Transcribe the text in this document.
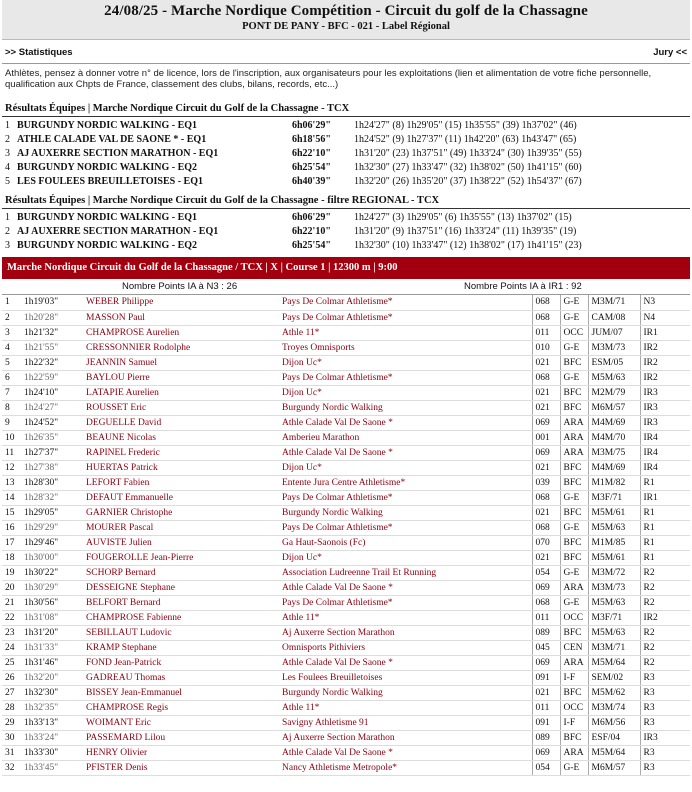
24/08/25 - Marche Nordique Compétition - Circuit du golf de la Chassagne
PONT DE PANY - BFC - 021 - Label Régional
>> Statistiques	Jury <<
Athlètes, pensez à donner votre n° de licence, lors de l'inscription, aux organisateurs pour les exploitations (lien et alimentation de votre fiche personnelle, qualification aux Chpts de France, classement des clubs, bilans, records, etc...)
Résultats Équipes | Marche Nordique Circuit du Golf de la Chassagne - TCX
1 BURGUNDY NORDIC WALKING - EQ1	6h06'29" 1h24'27" (8) 1h29'05" (15) 1h35'55" (39) 1h37'02" (46)
2 ATHLE CALADE VAL DE SAONE * - EQ1	6h18'56" 1h24'52" (9) 1h27'37" (11) 1h42'20" (63) 1h43'47" (65)
3 AJ AUXERRE SECTION MARATHON - EQ1	6h22'10" 1h31'20" (23) 1h37'51" (49) 1h33'24" (30) 1h39'35" (55)
4 BURGUNDY NORDIC WALKING - EQ2	6h25'54" 1h32'30" (27) 1h33'47" (32) 1h38'02" (50) 1h41'15" (60)
5 LES FOULEES BREUILLETOISES - EQ1	6h40'39" 1h32'20" (26) 1h35'20" (37) 1h38'22" (52) 1h54'37" (67)
Résultats Équipes | Marche Nordique Circuit du Golf de la Chassagne - filtre REGIONAL - TCX
1 BURGUNDY NORDIC WALKING - EQ1	6h06'29" 1h24'27" (3) 1h29'05" (6) 1h35'55" (13) 1h37'02" (15)
2 AJ AUXERRE SECTION MARATHON - EQ1	6h22'10" 1h31'20" (9) 1h37'51" (16) 1h33'24" (11) 1h39'35" (19)
3 BURGUNDY NORDIC WALKING - EQ2	6h25'54" 1h32'30" (10) 1h33'47" (12) 1h38'02" (17) 1h41'15" (23)
Marche Nordique Circuit du Golf de la Chassagne / TCX | X | Course 1 | 12300 m | 9:00
Nombre Points IA à N3 : 26	Nombre Points IA à IR1 : 92
1	1h19'03"	WEBER Philippe	Pays De Colmar Athletisme*	068	G-E	M3M/71	N3
2	1h20'28"	MASSON Paul	Pays De Colmar Athletisme*	068	G-E	CAM/08	N4
3	1h21'32"	CHAMPROSE Aurelien	Athle 11*	011	OCC	JUM/07	IR1
4	1h21'55"	CRESSONNIER Rodolphe	Troyes Omnisports	010	G-E	M3M/73	IR2
5	1h22'32"	JEANNIN Samuel	Dijon Uc*	021	BFC	ESM/05	IR2
6	1h22'59"	BAYLOU Pierre	Pays De Colmar Athletisme*	068	G-E	M5M/63	IR2
7	1h24'10"	LATAPIE Aurelien	Dijon Uc*	021	BFC	M2M/79	IR3
8	1h24'27"	ROUSSET Eric	Burgundy Nordic Walking	021	BFC	M6M/57	IR3
9	1h24'52"	DEGUELLE David	Athle Calade Val De Saone *	069	ARA	M4M/69	IR3
10	1h26'35"	BEAUNE Nicolas	Amberieu Marathon	001	ARA	M4M/70	IR4
11	1h27'37"	RAPINEL Frederic	Athle Calade Val De Saone *	069	ARA	M3M/75	IR4
12	1h27'38"	HUERTAS Patrick	Dijon Uc*	021	BFC	M4M/69	IR4
13	1h28'30"	LEFORT Fabien	Entente Jura Centre Athletisme*	039	BFC	M1M/82	R1
14	1h28'32"	DEFAUT Emmanuelle	Pays De Colmar Athletisme*	068	G-E	M3F/71	IR1
15	1h29'05"	GARNIER Christophe	Burgundy Nordic Walking	021	BFC	M5M/61	R1
16	1h29'29"	MOURER Pascal	Pays De Colmar Athletisme*	068	G-E	M5M/63	R1
17	1h29'46"	AUVISTE Julien	Ga Haut-Saonois (Fc)	070	BFC	M1M/85	R1
18	1h30'00"	FOUGEROLLE Jean-Pierre	Dijon Uc*	021	BFC	M5M/61	R1
19	1h30'22"	SCHORP Bernard	Association Ludreenne Trail Et Running	054	G-E	M3M/72	R2
20	1h30'29"	DESSEIGNE Stephane	Athle Calade Val De Saone *	069	ARA	M3M/73	R2
21	1h30'56"	BELFORT Bernard	Pays De Colmar Athletisme*	068	G-E	M5M/63	R2
22	1h31'08"	CHAMPROSE Fabienne	Athle 11*	011	OCC	M3F/71	IR2
23	1h31'20"	SEBILLAUT Ludovic	Aj Auxerre Section Marathon	089	BFC	M5M/63	R2
24	1h31'33"	KRAMP Stephane	Omnisports Pithiviers	045	CEN	M3M/71	R2
25	1h31'46"	FOND Jean-Patrick	Athle Calade Val De Saone *	069	ARA	M5M/64	R2
26	1h32'20"	GADREAU Thomas	Les Foulees Breuilletoises	091	I-F	SEM/02	R3
27	1h32'30"	BISSEY Jean-Emmanuel	Burgundy Nordic Walking	021	BFC	M5M/62	R3
28	1h32'35"	CHAMPROSE Regis	Athle 11*	011	OCC	M3M/74	R3
29	1h33'13"	WOIMANT Eric	Savigny Athletisme 91	091	I-F	M6M/56	R3
30	1h33'24"	PASSEMARD Lilou	Aj Auxerre Section Marathon	089	BFC	ESF/04	IR3
31	1h33'30"	HENRY Olivier	Athle Calade Val De Saone *	069	ARA	M5M/64	R3
32	1h33'45"	PFISTER Denis	Nancy Athletisme Metropole*	054	G-E	M6M/57	R3
